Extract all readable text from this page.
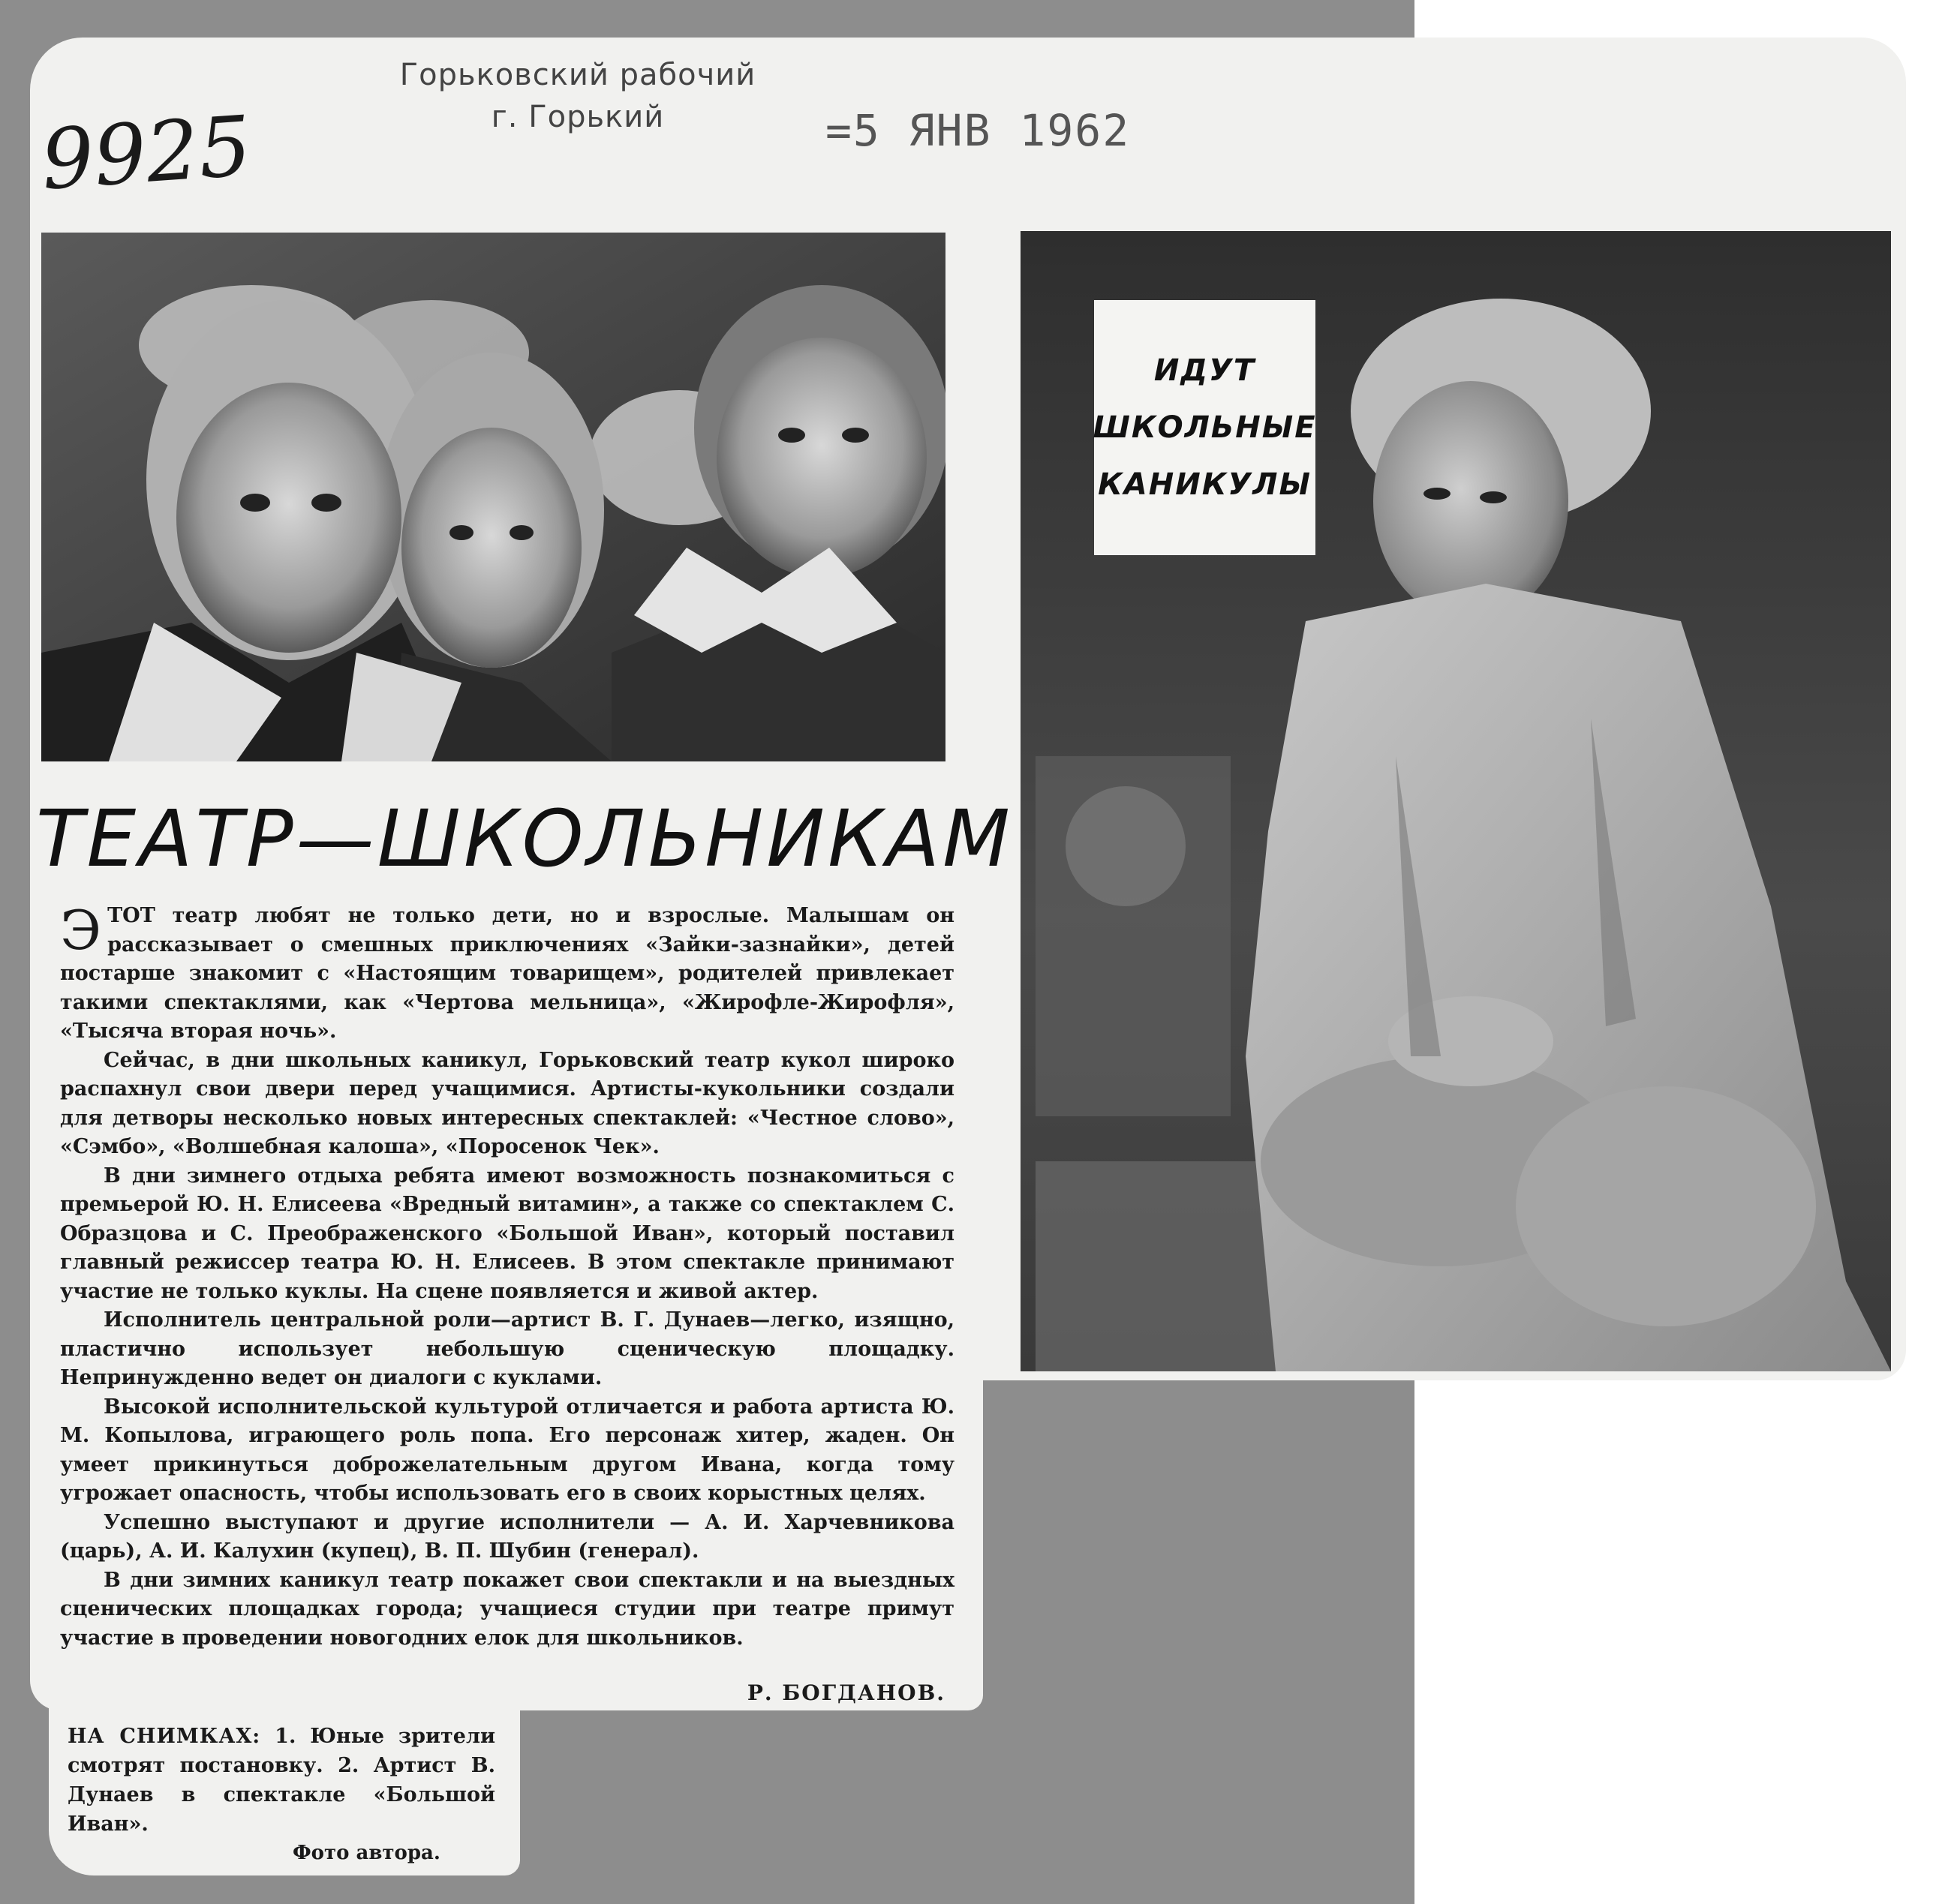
Горьковский рабочий
г. Горький
9925	=5 ЯНВ 1962
ИДУТ
ШКОЛЬНЫЕ
КАНИКУЛЫ
ТЕАТР—ШКОЛЬНИКАМ

ЭТОТ театр любят не только дети, но и взрослые. Малышам он рассказывает о смешных приключениях «Зайки-зазнайки», детей постарше знакомит с «Настоящим товарищем», родителей привлекает такими спектаклями, как «Чертова мельница», «Жирофле-Жирофля», «Тысяча вторая ночь».

Сейчас, в дни школьных каникул, Горьковский театр кукол широко распахнул свои двери перед учащимися. Артисты-кукольники создали для детворы несколько новых интересных спектаклей: «Честное слово», «Сэмбо», «Волшебная калоша», «Поросенок Чек».

В дни зимнего отдыха ребята имеют возможность познакомиться с премьерой Ю. Н. Елисеева «Вредный витамин», а также со спектаклем С. Образцова и С. Преображенского «Большой Иван», который поставил главный режиссер театра Ю. Н. Елисеев. В этом спектакле принимают участие не только куклы. На сцене появляется и живой актер.

Исполнитель центральной роли—артист В. Г. Дунаев—легко, изящно, пластично использует небольшую сценическую площадку. Непринужденно ведет он диалоги с куклами.

Высокой исполнительской культурой отличается и работа артиста Ю. М. Копылова, играющего роль попа. Его персонаж хитер, жаден. Он умеет прикинуться доброжелательным другом Ивана, когда тому угрожает опасность, чтобы использовать его в своих корыстных целях.

Успешно выступают и другие исполнители — А. И. Харчевникова (царь), А. И. Калухин (купец), В. П. Шубин (генерал).

В дни зимних каникул театр покажет свои спектакли и на выездных сценических площадках города; учащиеся студии при театре примут участие в проведении новогодних елок для школьников.

Р. БОГДАНОВ.
НА СНИМКАХ: 1. Юные зрители смотрят постановку. 2. Артист В. Дунаев в спектакле «Большой Иван».
Фото автора.
